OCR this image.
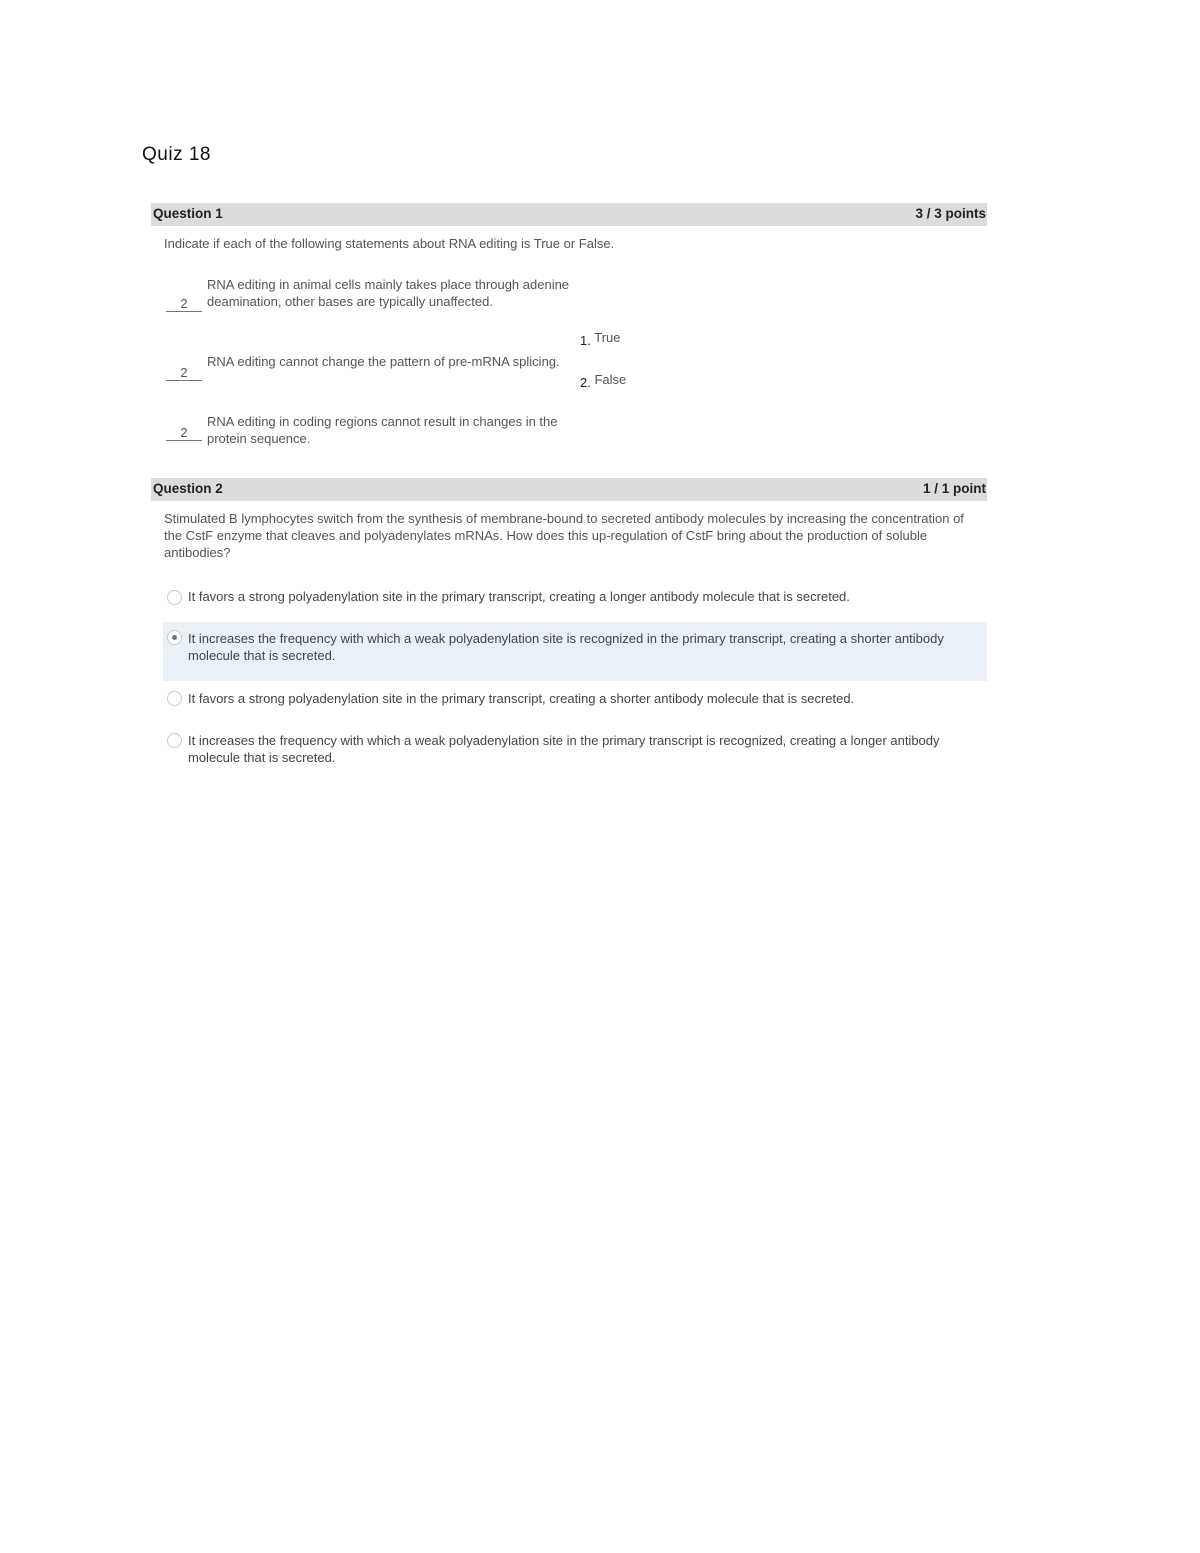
Quiz 18
Question 1	3 / 3 points
Indicate if each of the following statements about RNA editing is True or False.
2
RNA editing in animal cells mainly takes place through adenine deamination, other bases are typically unaffected.
2
RNA editing cannot change the pattern of pre-mRNA splicing.
2
RNA editing in coding regions cannot result in changes in the protein sequence.
1. True
2. False
Question 2	1 / 1 point
Stimulated B lymphocytes switch from the synthesis of membrane-bound to secreted antibody molecules by increasing the concentration of the CstF enzyme that cleaves and polyadenylates mRNAs. How does this up-regulation of CstF bring about the production of soluble antibodies?
It favors a strong polyadenylation site in the primary transcript, creating a longer antibody molecule that is secreted.
It increases the frequency with which a weak polyadenylation site is recognized in the primary transcript, creating a shorter antibody molecule that is secreted.
It favors a strong polyadenylation site in the primary transcript, creating a shorter antibody molecule that is secreted.
It increases the frequency with which a weak polyadenylation site in the primary transcript is recognized, creating a longer antibody molecule that is secreted.
